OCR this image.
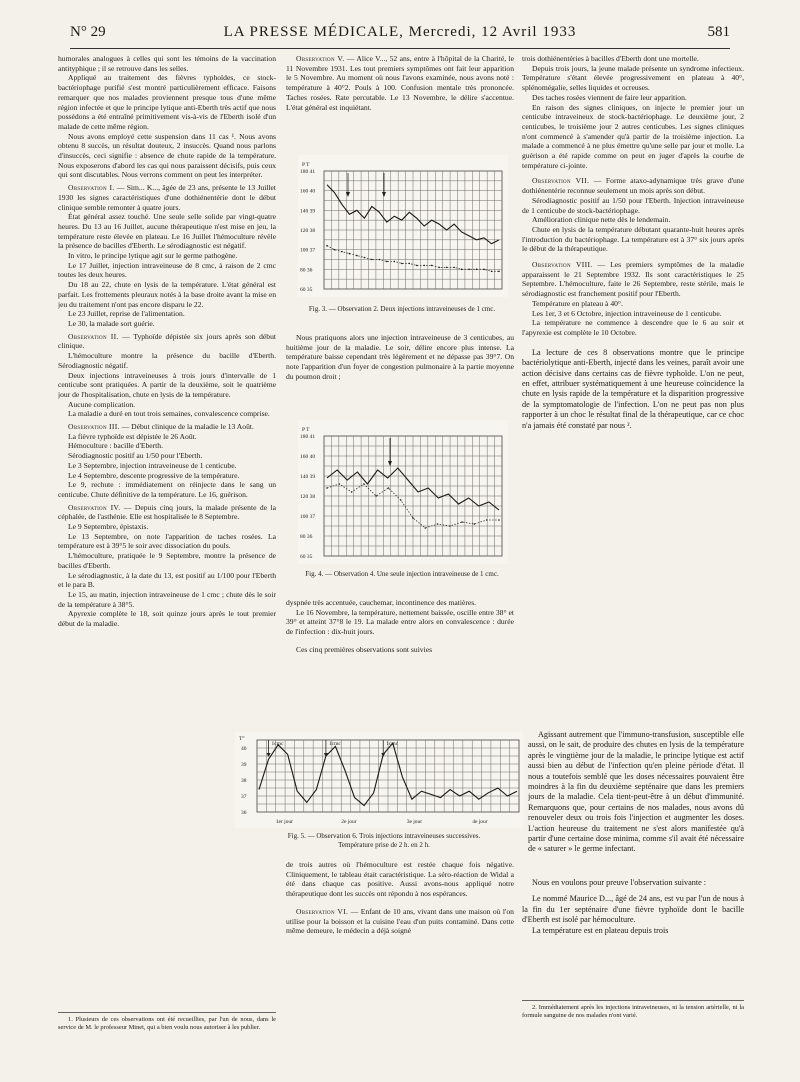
N° 29	LA PRESSE MÉDICALE, Mercredi, 12 Avril 1933	581

humorales analogues à celles qui sont les témoins de la vaccination antityphique ; il se retrouve dans les selles.

Appliqué au traitement des fièvres typhoïdes, ce stock-bactériophage purifié s'est montré particulièrement efficace. Faisons remarquer que nos malades proviennent presque tous d'une même région infectée et que le principe lytique anti-Eberth très actif que nous possédons a été entraîné primitivement vis-à-vis de l'Eberth isolé d'un malade de cette même région.

Nous avons employé cette suspension dans 11 cas ¹. Nous avons obtenu 8 succès, un résultat douteux, 2 insuccès. Quand nous parlons d'insuccès, ceci signifie : absence de chute rapide de la température. Nous exposerons d'abord les cas qui nous paraissent décisifs, puis ceux qui sont discutables. Nous verrons comment on peut les interpréter.

Observation I. — Sim... K..., âgée de 23 ans, présente le 13 Juillet 1930 les signes caractéristiques d'une dothiénentérie dont le début clinique semble remonter à quatre jours.

État général assez touché. Une seule selle solide par vingt-quatre heures. Du 13 au 16 Juillet, aucune thérapeutique n'est mise en jeu, la température reste élevée en plateau. Le 16 Juillet l'hémoculture révèle la présence de bacilles d'Eberth. Le sérodiagnostic est négatif.

In vitro, le principe lytique agit sur le germe pathogène.

Le 17 Juillet, injection intraveineuse de 8 cmc, à raison de 2 cmc toutes les deux heures.

Du 18 au 22, chute en lysis de la température. L'état général est parfait. Les frottements pleuraux notés à la base droite avant la mise en jeu du traitement n'ont pas encore disparu le 22.

Le 23 Juillet, reprise de l'alimentation.

Le 30, la malade sort guérie.

Observation II. — Typhoïde dépistée six jours après son début clinique.

L'hémoculture montre la présence du bacille d'Eberth. Sérodiagnostic négatif.

Deux injections intraveineuses à trois jours d'intervalle de 1 centicube sont pratiquées. A partir de la deuxième, soit le quatrième jour de l'hospitalisation, chute en lysis de la température.

Aucune complication.

La maladie a duré en tout trois semaines, convalescence comprise.

Observation III. — Début clinique de la maladie le 13 Août.

La fièvre typhoïde est dépistée le 26 Août.

Hémoculture : bacille d'Eberth.

Sérodiagnostic positif au 1/50 pour l'Eberth.

Le 3 Septembre, injection intraveineuse de 1 centicube.

Le 4 Septembre, descente progressive de la température.

Le 9, rechute : immédiatement on réinjecte dans le sang un centicube. Chute définitive de la température. Le 16, guérison.

Observation IV. — Depuis cinq jours, la malade présente de la céphalée, de l'asthénie. Elle est hospitalisée le 8 Septembre.

Le 9 Septembre, épistaxis.

Le 13 Septembre, on note l'apparition de taches rosées. La température est à 39°5 le soir avec dissociation du pouls.

L'hémoculture, pratiquée le 9 Septembre, montre la présence de bacilles d'Eberth.

Le sérodiagnostic, à la date du 13, est positif au 1/100 pour l'Eberth et le para B.

Le 15, au matin, injection intraveineuse de 1 cmc ; chute dès le soir de la température à 38°5.

Apyrexie complète le 18, soit quinze jours après le tout premier début de la maladie.

1. Plusieurs de ces observations ont été recueillies, par l'un de nous, dans le service de M. le professeur Minet, qui a bien voulu nous autoriser à les publier.

Observation V. — Alice V..., 52 ans, entre à l'hôpital de la Charité, le 11 Novembre 1931. Les tout premiers symptômes ont fait leur apparition le 5 Novembre. Au moment où nous l'avons examinée, nous avons noté : température à 40°2. Pouls à 100. Confusion mentale très prononcée. Taches rosées. Rate percutable. Le 13 Novembre, le délire s'accentue. L'état général est inquiétant.

P T
180 41
160 40
140 39
120 38
100 37
80 36
60 35

Fig. 3. — Observation 2. Deux injections intraveineuses de 1 cmc.

Nous pratiquons alors une injection intraveineuse de 3 centicubes, au huitième jour de la maladie. Le soir, délire encore plus intense. La température baisse cependant très légèrement et ne dépasse pas 39°7. On note l'apparition d'un foyer de congestion pulmonaire à la partie moyenne du poumon droit ;

P T
180 41
160 40
140 39
120 38
100 37
80 36
60 35

Fig. 4. — Observation 4. Une seule injection intraveineuse de 1 cmc.

dyspnée très accentuée, cauchemar, incontinence des matières.

Le 16 Novembre, la température, nettement baissée, oscille entre 38° et 39° et atteint 37°8 le 19. La malade entre alors en convalescence : durée de l'infection : dix-huit jours.

Ces cinq premières observations sont suivies

T°
40
39
38
37
36
1cmc	1cmc	1cmc
1er jour	2e jour	3e jour	4e jour

Fig. 5. — Observation 6. Trois injections intraveineuses successives.

Température prise de 2 h. en 2 h.

de trois autres où l'hémoculture est restée chaque fois négative. Cliniquement, le tableau était caractéristique. La séro-réaction de Widal a été dans chaque cas positive. Aussi avons-nous appliqué notre thérapeutique dont les succès ont répondu à nos espérances.

Observation VI. — Enfant de 10 ans, vivant dans une maison où l'on utilise pour la boisson et la cuisine l'eau d'un puits contaminé. Dans cette même demeure, le médecin a déjà soigné

trois dothiénentéries à bacilles d'Eberth dont une mortelle.

Depuis trois jours, la jeune malade présente un syndrome infectieux. Température s'étant élevée progressivement en plateau à 40°, splénomégalie, selles liquides et ocreuses.

Des taches rosées viennent de faire leur apparition.

En raison des signes cliniques, on injecte le premier jour un centicube intraveineux de stock-bactériophage. Le deuxième jour, 2 centicubes, le troisième jour 2 autres centicubes. Les signes cliniques n'ont commencé à s'amender qu'à partir de la troisième injection. La malade a commencé à ne plus émettre qu'une selle par jour et molle. La guérison a été rapide comme on peut en juger d'après la courbe de température ci-jointe.

Observation VII. — Forme ataxo-adynamique très grave d'une dothiénentérie reconnue seulement un mois après son début.

Sérodiagnostic positif au 1/50 pour l'Eberth. Injection intraveineuse de 1 centicube de stock-bactériophage.

Amélioration clinique nette dès le lendemain.

Chute en lysis de la température débutant quarante-huit heures après l'introduction du bactériophage. La température est à 37° six jours après le début de la thérapeutique.

Observation VIII. — Les premiers symptômes de la maladie apparaissent le 21 Septembre 1932. Ils sont caractéristiques le 25 Septembre. L'hémoculture, faite le 26 Septembre, reste stérile, mais le sérodiagnostic est franchement positif pour l'Eberth.

Température en plateau à 40°.

Les 1er, 3 et 6 Octobre, injection intraveineuse de 1 centicube.

La température ne commence à descendre que le 6 au soir et l'apyrexie est complète le 10 Octobre.

La lecture de ces 8 observations montre que le principe bactériolytique anti-Eberth, injecté dans les veines, paraît avoir une action décisive dans certains cas de fièvre typhoïde. L'on ne peut, en effet, attribuer systématiquement à une heureuse coïncidence la chute en lysis rapide de la température et la disparition progressive de la symptomatologie de l'infection. L'on ne peut pas non plus rapporter à un choc le résultat final de la thérapeutique, car ce choc n'a jamais été constaté par nous ².

Agissant autrement que l'immuno-transfusion, susceptible elle aussi, on le sait, de produire des chutes en lysis de la température après le vingtième jour de la maladie, le principe lytique est actif aussi bien au début de l'infection qu'en pleine période d'état. Il nous a toutefois semblé que les doses nécessaires pouvaient être moindres à la fin du deuxième septénaire que dans les premiers jours de la maladie. Cela tient-peut-être à un début d'immunité. Remarquons que, pour certains de nos malades, nous avons dû renouveler deux ou trois fois l'injection et augmenter les doses. L'action heureuse du traitement ne s'est alors manifestée qu'à partir d'une certaine dose minima, comme s'il avait été nécessaire de « saturer » le germe infectant.

Nous en voulons pour preuve l'observation suivante :

Le nommé Maurice D..., âgé de 24 ans, est vu par l'un de nous à la fin du 1er septénaire d'une fièvre typhoïde dont le bacille d'Eberth est isolé par hémoculture.

La température est en plateau depuis trois

2. Immédiatement après les injections intraveineuses, ni la tension artérielle, ni la formule sanguine de nos malades n'ont varié.
